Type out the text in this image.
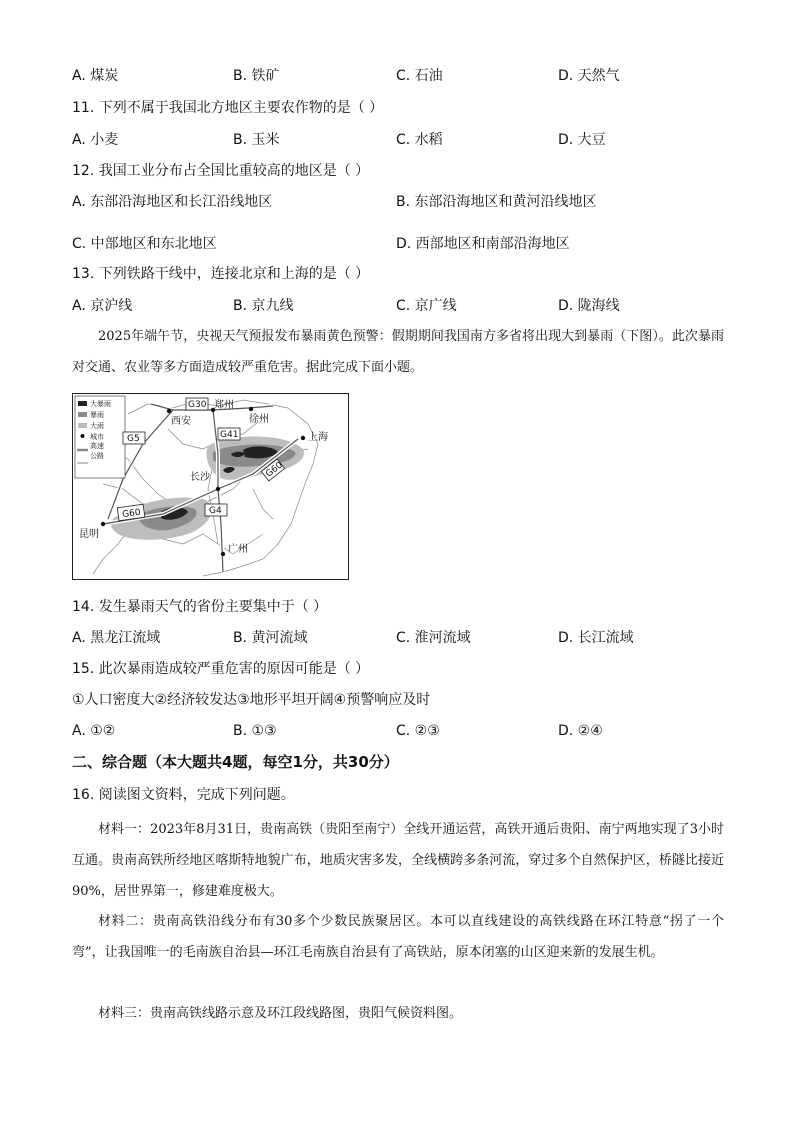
A. 煤炭	B. 铁矿	C. 石油	D. 天然气
11. 下列不属于我国北方地区主要农作物的是（ ）
A. 小麦	B. 玉米	C. 水稻	D. 大豆
12. 我国工业分布占全国比重较高的地区是（ ）
A. 东部沿海地区和长江沿线地区	B. 东部沿海地区和黄河沿线地区
C. 中部地区和东北地区	D. 西部地区和南部沿海地区
13. 下列铁路干线中，连接北京和上海的是（ ）
A. 京沪线	B. 京九线	C. 京广线	D. 陇海线
2025年端午节，央视天气预报发布暴雨黄色预警：假期期间我国南方多省将出现大到暴雨（下图）。此次暴雨对交通、农业等多方面造成较严重危害。据此完成下面小题。
大暴雨
暴雨
大雨
城市
高速
公路
西安
郑州
徐州
上海
长沙
昆明
广州
G30
G41
G5
G60
G60	G4
14. 发生暴雨天气的省份主要集中于（ ）
A. 黑龙江流域	B. 黄河流域	C. 淮河流域	D. 长江流域
15. 此次暴雨造成较严重危害的原因可能是（ ）
①人口密度大②经济较发达③地形平坦开阔④预警响应及时
A. ①②	B. ①③	C. ②③	D. ②④
二、综合题（本大题共4题，每空1分，共30分）
16. 阅读图文资料，完成下列问题。
材料一：2023年8月31日，贵南高铁（贵阳至南宁）全线开通运营，高铁开通后贵阳、南宁两地实现了3小时互通。贵南高铁所经地区喀斯特地貌广布，地质灾害多发，全线横跨多条河流，穿过多个自然保护区，桥隧比接近90%，居世界第一，修建难度极大。
材料二：贵南高铁沿线分布有30多个少数民族聚居区。本可以直线建设的高铁线路在环江特意“拐了一个弯”，让我国唯一的毛南族自治县—环江毛南族自治县有了高铁站，原本闭塞的山区迎来新的发展生机。
材料三：贵南高铁线路示意及环江段线路图，贵阳气候资料图。
